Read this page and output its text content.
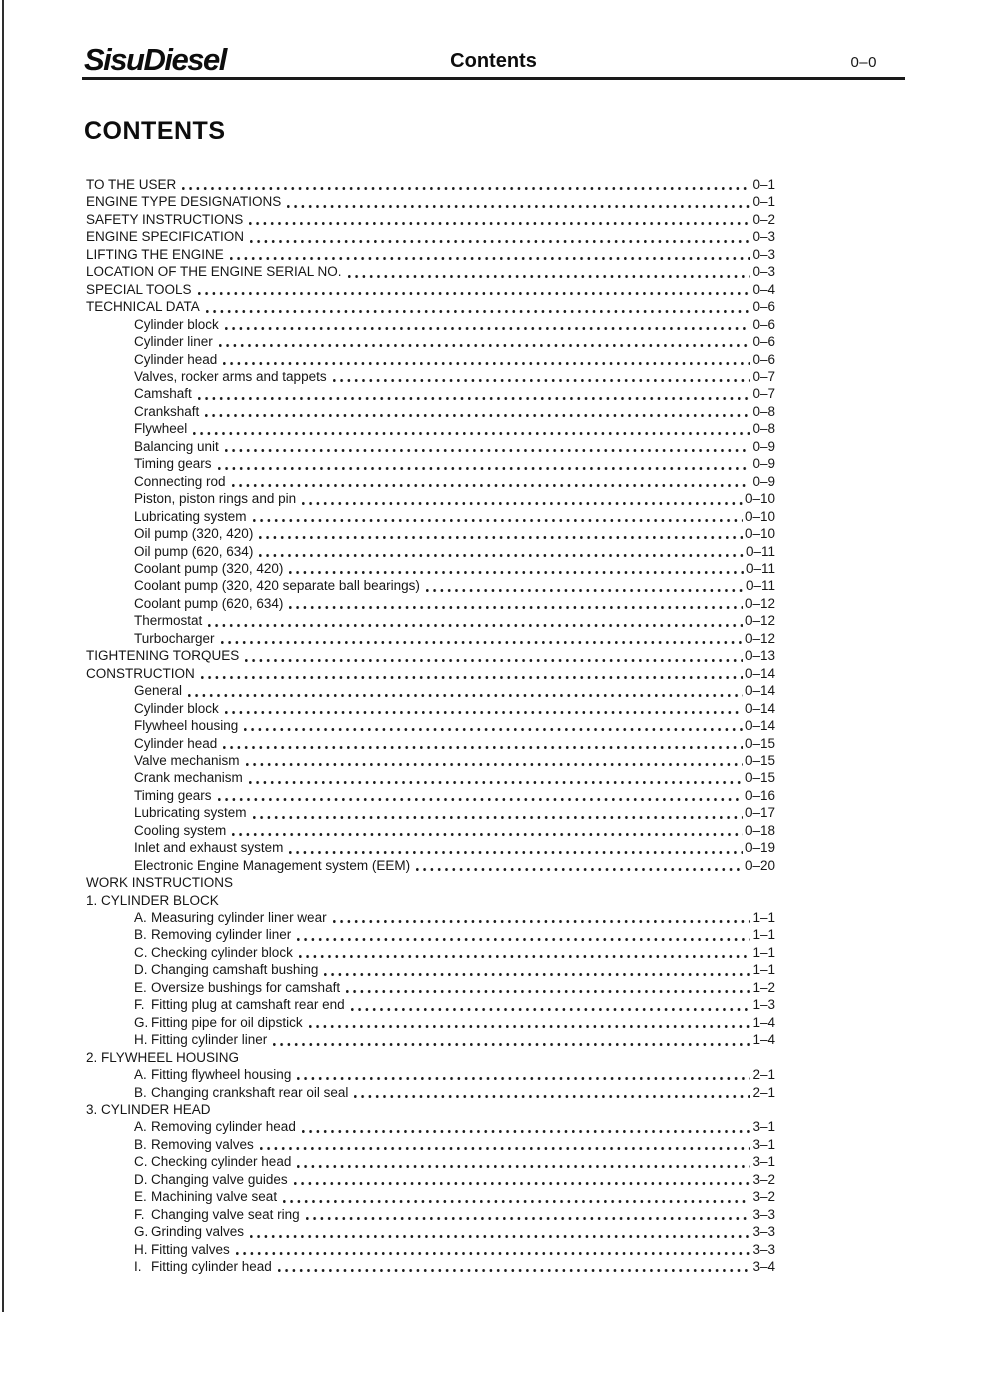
SisuDiesel	Contents	0–0
CONTENTS
TO THE USER	0–1
ENGINE TYPE DESIGNATIONS	0–1
SAFETY INSTRUCTIONS	0–2
ENGINE SPECIFICATION	0–3
LIFTING THE ENGINE	0–3
LOCATION OF THE ENGINE SERIAL NO.	0–3
SPECIAL TOOLS	0–4
TECHNICAL DATA	0–6
Cylinder block	0–6
Cylinder liner	0–6
Cylinder head	0–6
Valves, rocker arms and tappets	0–7
Camshaft	0–7
Crankshaft	0–8
Flywheel	0–8
Balancing unit	0–9
Timing gears	0–9
Connecting rod	0–9
Piston, piston rings and pin	0–10
Lubricating system	0–10
Oil pump (320, 420)	0–10
Oil pump (620, 634)	0–11
Coolant pump (320, 420)	0–11
Coolant pump (320, 420 separate ball bearings)	0–11
Coolant pump (620, 634)	0–12
Thermostat	0–12
Turbocharger	0–12
TIGHTENING TORQUES	0–13
CONSTRUCTION	0–14
General	0–14
Cylinder block	0–14
Flywheel housing	0–14
Cylinder head	0–15
Valve mechanism	0–15
Crank mechanism	0–15
Timing gears	0–16
Lubricating system	0–17
Cooling system	0–18
Inlet and exhaust system	0–19
Electronic Engine Management system (EEM)	0–20
WORK INSTRUCTIONS
1. CYLINDER BLOCK
A. Measuring cylinder liner wear	1–1
B. Removing cylinder liner	1–1
C. Checking cylinder block	1–1
D. Changing camshaft bushing	1–1
E. Oversize bushings for camshaft	1–2
F. Fitting plug at camshaft rear end	1–3
G. Fitting pipe for oil dipstick	1–4
H. Fitting cylinder liner	1–4
2. FLYWHEEL HOUSING
A. Fitting flywheel housing	2–1
B. Changing crankshaft rear oil seal	2–1
3. CYLINDER HEAD
A. Removing cylinder head	3–1
B. Removing valves	3–1
C. Checking cylinder head	3–1
D. Changing valve guides	3–2
E. Machining valve seat	3–2
F. Changing valve seat ring	3–3
G. Grinding valves	3–3
H. Fitting valves	3–3
I. Fitting cylinder head	3–4
